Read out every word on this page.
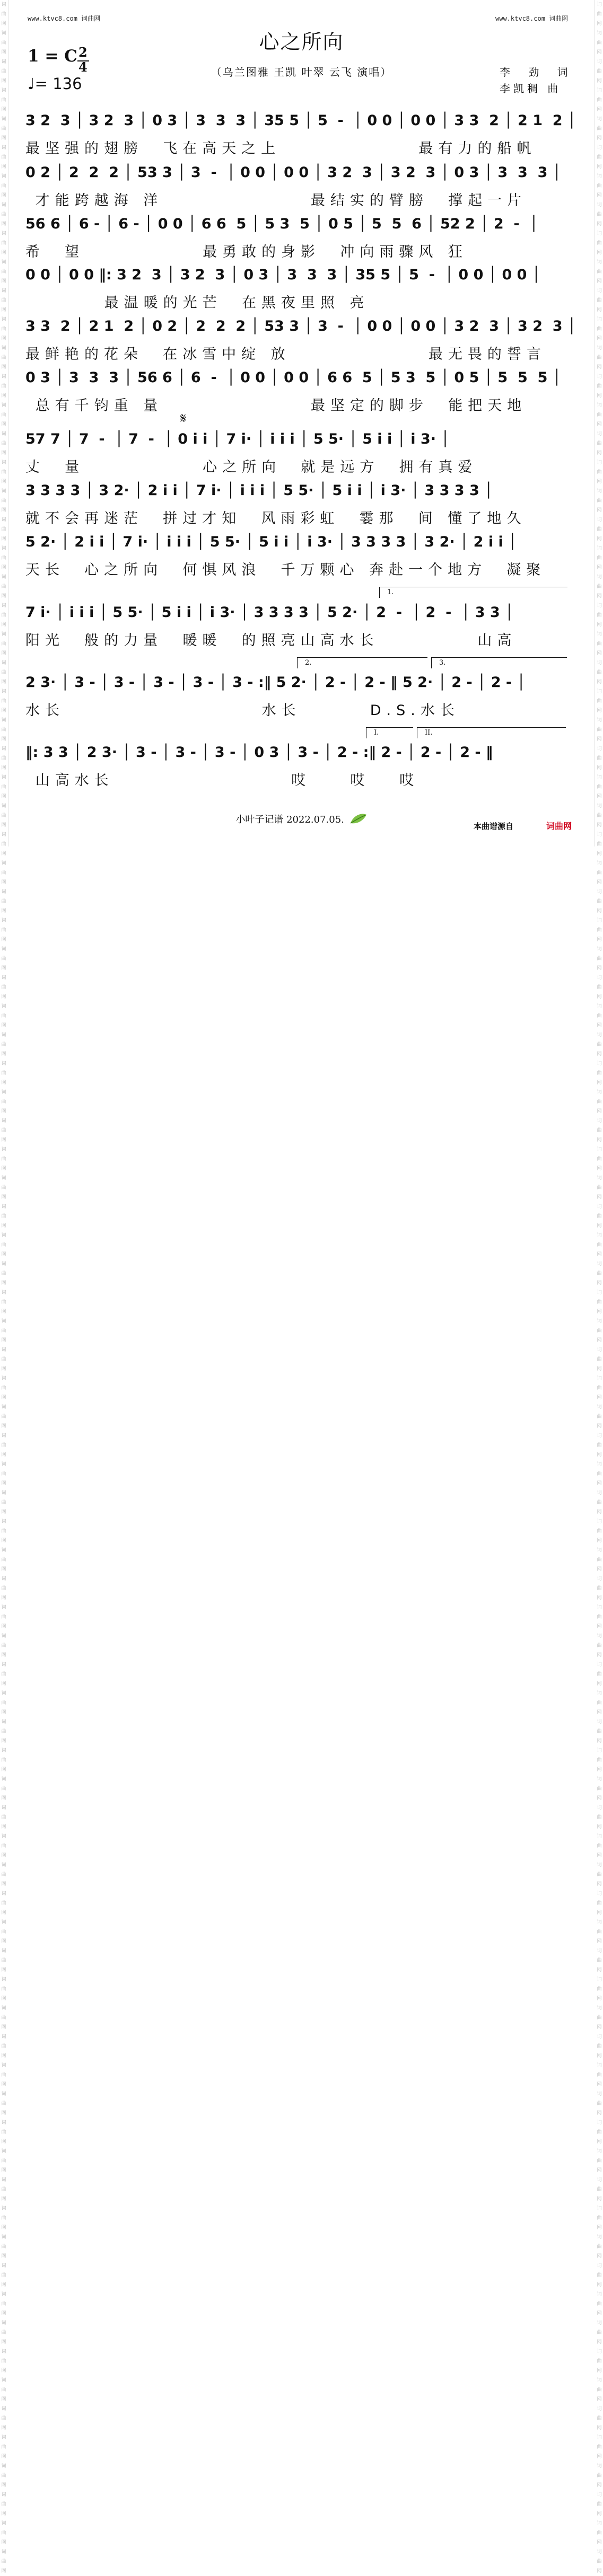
词曲网词曲网词曲网词曲网词曲网词曲网词曲网词曲网词曲网词曲网词曲网词曲网词曲网词曲网词曲网词曲网词曲网词曲网词曲网词曲网词曲网词曲网词曲网词曲网词曲网词曲网词曲网词曲网词曲网词曲网词曲网词曲网词曲网词曲网词曲网词曲网词曲网词曲网词曲网词曲网词曲网词曲网词曲网词曲网词曲网词曲网词曲网词曲网词曲网词曲网词曲网词曲网词曲网词曲网词曲网词曲网词曲网词曲网词曲网词曲网词曲网词曲网词曲网词曲网词曲网词曲网词曲网词曲网词曲网词曲网词曲网词曲网词曲网词曲网词曲网词曲网词曲网词曲网词曲网词曲网词曲网词曲网词曲网词曲网词曲网词曲网词曲网词曲网词曲网词曲网
词曲网词曲网词曲网词曲网词曲网词曲网词曲网词曲网词曲网词曲网词曲网词曲网词曲网词曲网词曲网词曲网词曲网词曲网词曲网词曲网词曲网词曲网词曲网词曲网词曲网词曲网词曲网词曲网词曲网词曲网词曲网词曲网词曲网词曲网词曲网词曲网词曲网词曲网词曲网词曲网词曲网词曲网词曲网词曲网词曲网词曲网词曲网词曲网词曲网词曲网词曲网词曲网词曲网词曲网词曲网词曲网词曲网词曲网词曲网词曲网词曲网词曲网词曲网词曲网词曲网词曲网词曲网词曲网词曲网词曲网词曲网词曲网词曲网词曲网词曲网词曲网词曲网词曲网词曲网词曲网词曲网词曲网词曲网词曲网词曲网词曲网词曲网词曲网词曲网词曲网
www.ktvc8.com 词曲网	www.ktvc8.com 词曲网
心之所向
（乌兰图雅 王凯 叶翠 云飞 演唱）	李 劲 词
李凯稠 曲
1 = C 2
4
♩= 136
3 2  3 │ 3 2  3 │ 0 3 │ 3  3  3 │ 35 5 │ 5  -  │ 0 0 │ 0 0 │ 3 3  2 │ 2 1  2 │
最坚强的翅膀  飞在高天之上              最有力的船帆
0 2 │ 2  2  2 │ 53 3 │ 3  -  │ 0 0 │ 0 0 │ 3 2  3 │ 3 2  3 │ 0 3 │ 3  3  3 │
才能跨越海 洋               最结实的臂膀  撑起一片
56 6 │ 6 - │ 6 - │ 0 0 │ 6 6  5 │ 5 3  5 │ 0 5 │ 5  5  6 │ 52 2 │ 2  -  │
希  望            最勇敢的身影  冲向雨骤风 狂
0 0 │ 0 0 ‖: 3 2  3 │ 3 2  3 │ 0 3 │ 3  3  3 │ 35 5 │ 5  -  │ 0 0 │ 0 0 │
最温暖的光芒  在黑夜里照 亮
3 3  2 │ 2 1  2 │ 0 2 │ 2  2  2 │ 53 3 │ 3  -  │ 0 0 │ 0 0 │ 3 2  3 │ 3 2  3 │
最鲜艳的花朵  在冰雪中绽 放              最无畏的誓言
0 3 │ 3  3  3 │ 56 6 │ 6  -  │ 0 0 │ 0 0 │ 6 6  5 │ 5 3  5 │ 0 5 │ 5  5  5 │
总有千钧重 量               最坚定的脚步  能把天地
57 7 │ 7  -  │ 7  -  │ 0 i i │ 7 i· │ i i i │ 5 5· │ 5 i i │ i 3· │
丈  量            心之所向  就是远方  拥有真爱
3 3 3 3 │ 3 2· │ 2 i i │ 7 i· │ i i i │ 5 5· │ 5 i i │ i 3· │ 3 3 3 3 │
就不会再迷茫  拼过才知  风雨彩虹  霎那  间 懂了地久
5 2· │ 2 i i │ 7 i· │ i i i │ 5 5· │ 5 i i │ i 3· │ 3 3 3 3 │ 3 2· │ 2 i i │
天长  心之所向  何惧风浪  千万颗心 奔赴一个地方  凝聚
7 i· │ i i i │ 5 5· │ 5 i i │ i 3· │ 3 3 3 3 │ 5 2· │ 2  -  │ 2  -  │ 3 3 │
阳光  般的力量  暖暖  的照亮山高水长          山高
2 3· │ 3 - │ 3 - │ 3 - │ 3 - │ 3 - :‖ 5 2· │ 2 - │ 2 - ‖ 5 2· │ 2 - │ 2 - │
水长                    水长       D.S.水长
‖: 3 3 │ 2 3· │ 3 - │ 3 - │ 3 - │ 0 3 │ 3 - │ 2 - :‖ 2 - │ 2 - │ 2 - ‖
山高水长                  哎    哎   哎
𝄋
1.
2.	3.
I.	II.
小叶子记谱 2022.07.05.
本曲谱源自	词曲网
